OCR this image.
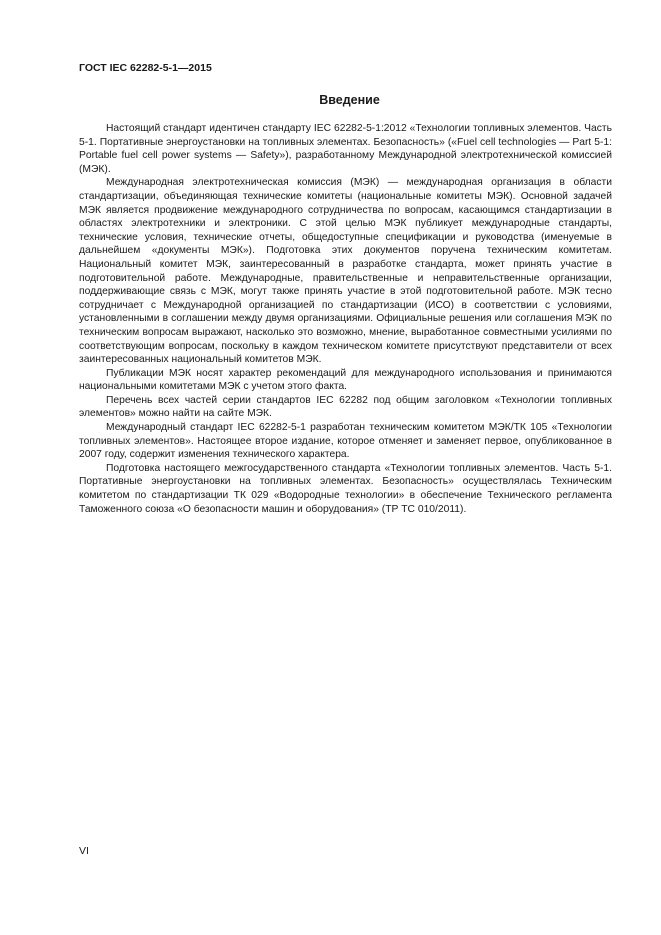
ГОСТ IEC 62282-5-1—2015
Введение

Настоящий стандарт идентичен стандарту IEC 62282-5-1:2012 «Технологии топливных элементов. Часть 5-1. Портативные энергоустановки на топливных элементах. Безопасность» («Fuel cell technologies — Part 5-1: Portable fuel cell power systems — Safety»), разработанному Международной электротехнической комиссией (МЭК).

Международная электротехническая комиссия (МЭК) — международная организация в области стандартизации, объединяющая технические комитеты (национальные комитеты МЭК). Основной задачей МЭК является продвижение международного сотрудничества по вопросам, касающимся стандартизации в областях электротехники и электроники. С этой целью МЭК публикует международные стандарты, технические условия, технические отчеты, общедоступные спецификации и руководства (именуемые в дальнейшем «документы МЭК»). Подготовка этих документов поручена техническим комитетам. Национальный комитет МЭК, заинтересованный в разработке стандарта, может принять участие в подготовительной работе. Международные, правительственные и неправительственные организации, поддерживающие связь с МЭК, могут также принять участие в этой подготовительной работе. МЭК тесно сотрудничает с Международной организацией по стандартизации (ИСО) в соответствии с условиями, установленными в соглашении между двумя организациями. Официальные решения или соглашения МЭК по техническим вопросам выражают, насколько это возможно, мнение, выработанное совместными усилиями по соответствующим вопросам, поскольку в каждом техническом комитете присутствуют представители от всех заинтересованных национальный комитетов МЭК.

Публикации МЭК носят характер рекомендаций для международного использования и принимаются национальными комитетами МЭК с учетом этого факта.

Перечень всех частей серии стандартов IEC 62282 под общим заголовком «Технологии топливных элементов» можно найти на сайте МЭК.

Международный стандарт IEC 62282-5-1 разработан техническим комитетом МЭК/ТК 105 «Технологии топливных элементов». Настоящее второе издание, которое отменяет и заменяет первое, опубликованное в 2007 году, содержит изменения технического характера.

Подготовка настоящего межгосударственного стандарта «Технологии топливных элементов. Часть 5-1. Портативные энергоустановки на топливных элементах. Безопасность» осуществлялась Техническим комитетом по стандартизации ТК 029 «Водородные технологии» в обеспечение Технического регламента Таможенного союза «О безопасности машин и оборудования» (ТР ТС 010/2011).

VI
